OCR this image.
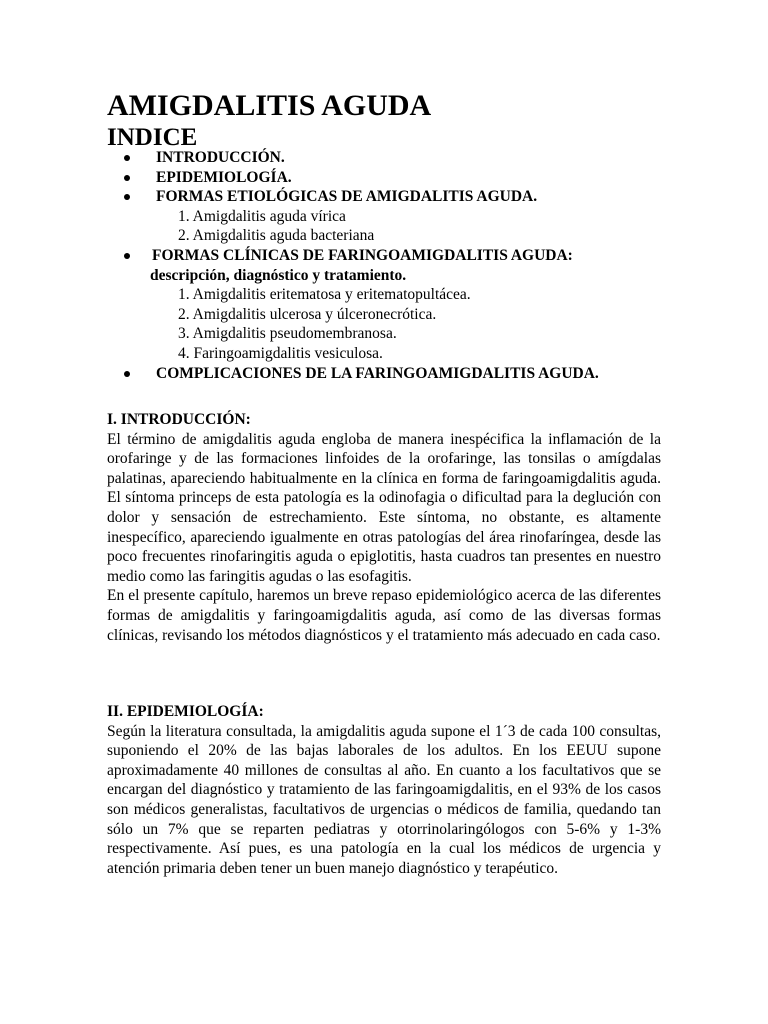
AMIGDALITIS AGUDA
INDICE
INTRODUCCIÓN.
EPIDEMIOLOGÍA.
FORMAS ETIOLÓGICAS DE AMIGDALITIS AGUDA.
1. Amigdalitis aguda vírica
2. Amigdalitis aguda bacteriana
FORMAS CLÍNICAS DE FARINGOAMIGDALITIS AGUDA:
descripción, diagnóstico y tratamiento.
1. Amigdalitis eritematosa y eritematopultácea.
2. Amigdalitis ulcerosa y úlceronecrótica.
3. Amigdalitis pseudomembranosa.
4. Faringoamigdalitis vesiculosa.
COMPLICACIONES DE LA FARINGOAMIGDALITIS AGUDA.
I. INTRODUCCIÓN:

El término de amigdalitis aguda engloba de manera inespécifica la inflamación de la orofaringe y de las formaciones linfoides de la orofaringe, las tonsilas o amígdalas palatinas, apareciendo habitualmente en la clínica en forma de faringoamigdalitis aguda. El síntoma princeps de esta patología es la odinofagia o dificultad para la deglución con dolor y sensación de estrechamiento. Este síntoma, no obstante, es altamente inespecífico, apareciendo igualmente en otras patologías del área rinofaríngea, desde las poco frecuentes rinofaringitis aguda o epiglotitis, hasta cuadros tan presentes en nuestro medio como las faringitis agudas o las esofagitis.

En el presente capítulo, haremos un breve repaso epidemiológico acerca de las diferentes formas de amigdalitis y faringoamigdalitis aguda, así como de las diversas formas clínicas, revisando los métodos diagnósticos y el tratamiento más adecuado en cada caso.

II. EPIDEMIOLOGÍA:

Según la literatura consultada, la amigdalitis aguda supone el 1´3 de cada 100 consultas, suponiendo el 20% de las bajas laborales de los adultos. En los EEUU supone aproximadamente 40 millones de consultas al año. En cuanto a los facultativos que se encargan del diagnóstico y tratamiento de las faringoamigdalitis, en el 93% de los casos son médicos generalistas, facultativos de urgencias o médicos de familia, quedando tan sólo un 7% que se reparten pediatras y otorrinolaringólogos con 5-6% y 1-3% respectivamente. Así pues, es una patología en la cual los médicos de urgencia y atención primaria deben tener un buen manejo diagnóstico y terapéutico.
